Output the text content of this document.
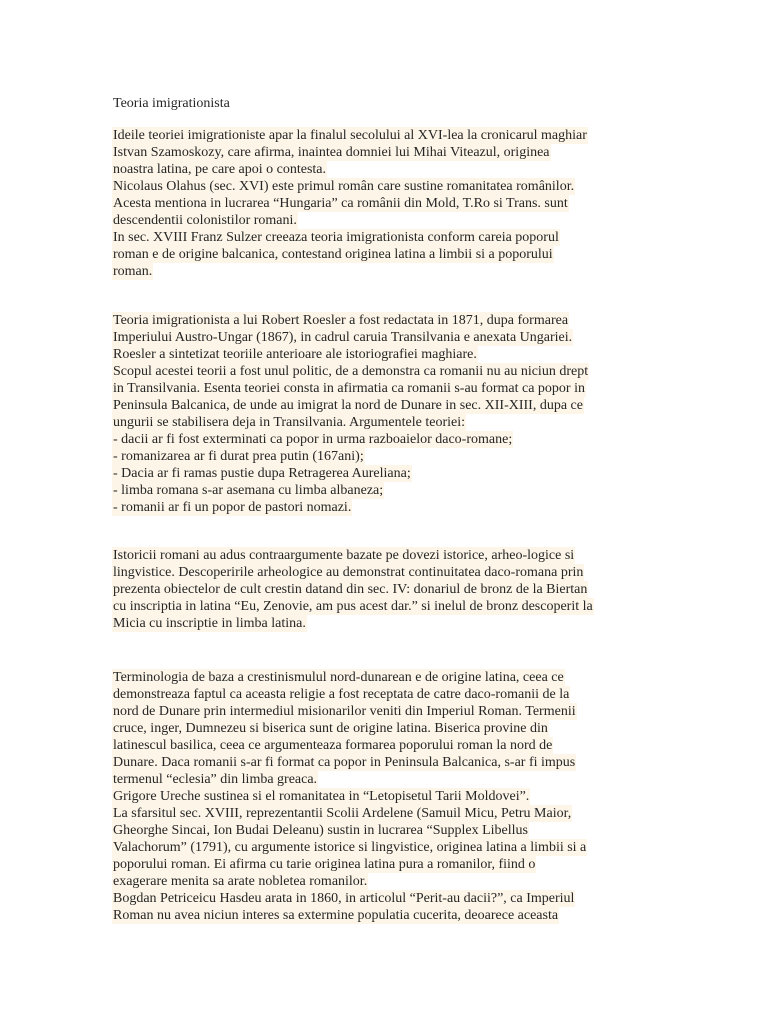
Teoria imigrationista
Ideile teoriei imigrationiste apar la finalul secolului al XVI-lea la cronicarul maghiar
Istvan Szamoskozy, care afirma, inaintea domniei lui Mihai Viteazul, originea
noastra latina, pe care apoi o contesta.
Nicolaus Olahus (sec. XVI) este primul român care sustine romanitatea românilor.
Acesta mentiona in lucrarea “Hungaria” ca românii din Mold, T.Ro si Trans. sunt
descendentii colonistilor romani.
In sec. XVIII Franz Sulzer creeaza teoria imigrationista conform careia poporul
roman e de origine balcanica, contestand originea latina a limbii si a poporului
roman.
Teoria imigrationista a lui Robert Roesler a fost redactata in 1871, dupa formarea
Imperiului Austro-Ungar (1867), in cadrul caruia Transilvania e anexata Ungariei.
Roesler a sintetizat teoriile anterioare ale istoriografiei maghiare.
Scopul acestei teorii a fost unul politic, de a demonstra ca romanii nu au niciun drept
in Transilvania. Esenta teoriei consta in afirmatia ca romanii s-au format ca popor in
Peninsula Balcanica, de unde au imigrat la nord de Dunare in sec. XII-XIII, dupa ce
ungurii se stabilisera deja in Transilvania. Argumentele teoriei:
- dacii ar fi fost exterminati ca popor in urma razboaielor daco-romane;
- romanizarea ar fi durat prea putin (167ani);
- Dacia ar fi ramas pustie dupa Retragerea Aureliana;
- limba romana s-ar asemana cu limba albaneza;
- romanii ar fi un popor de pastori nomazi.
Istoricii romani au adus contraargumente bazate pe dovezi istorice, arheo-logice si
lingvistice. Descoperirile arheologice au demonstrat continuitatea daco-romana prin
prezenta obiectelor de cult crestin datand din sec. IV: donariul de bronz de la Biertan
cu inscriptia in latina “Eu, Zenovie, am pus acest dar.” si inelul de bronz descoperit la
Micia cu inscriptie in limba latina.
Terminologia de baza a crestinismulul nord-dunarean e de origine latina, ceea ce
demonstreaza faptul ca aceasta religie a fost receptata de catre daco-romanii de la
nord de Dunare prin intermediul misionarilor veniti din Imperiul Roman. Termenii
cruce, inger, Dumnezeu si biserica sunt de origine latina. Biserica provine din
latinescul basilica, ceea ce argumenteaza formarea poporului roman la nord de
Dunare. Daca romanii s-ar fi format ca popor in Peninsula Balcanica, s-ar fi impus
termenul “eclesia” din limba greaca.
Grigore Ureche sustinea si el romanitatea in “Letopisetul Tarii Moldovei”.
La sfarsitul sec. XVIII, reprezentantii Scolii Ardelene (Samuil Micu, Petru Maior,
Gheorghe Sincai, Ion Budai Deleanu) sustin in lucrarea “Supplex Libellus
Valachorum” (1791), cu argumente istorice si lingvistice, originea latina a limbii si a
poporului roman. Ei afirma cu tarie originea latina pura a romanilor, fiind o
exagerare menita sa arate nobletea romanilor.
Bogdan Petriceicu Hasdeu arata in 1860, in articolul “Perit-au dacii?”, ca Imperiul
Roman nu avea niciun interes sa extermine populatia cucerita, deoarece aceasta
